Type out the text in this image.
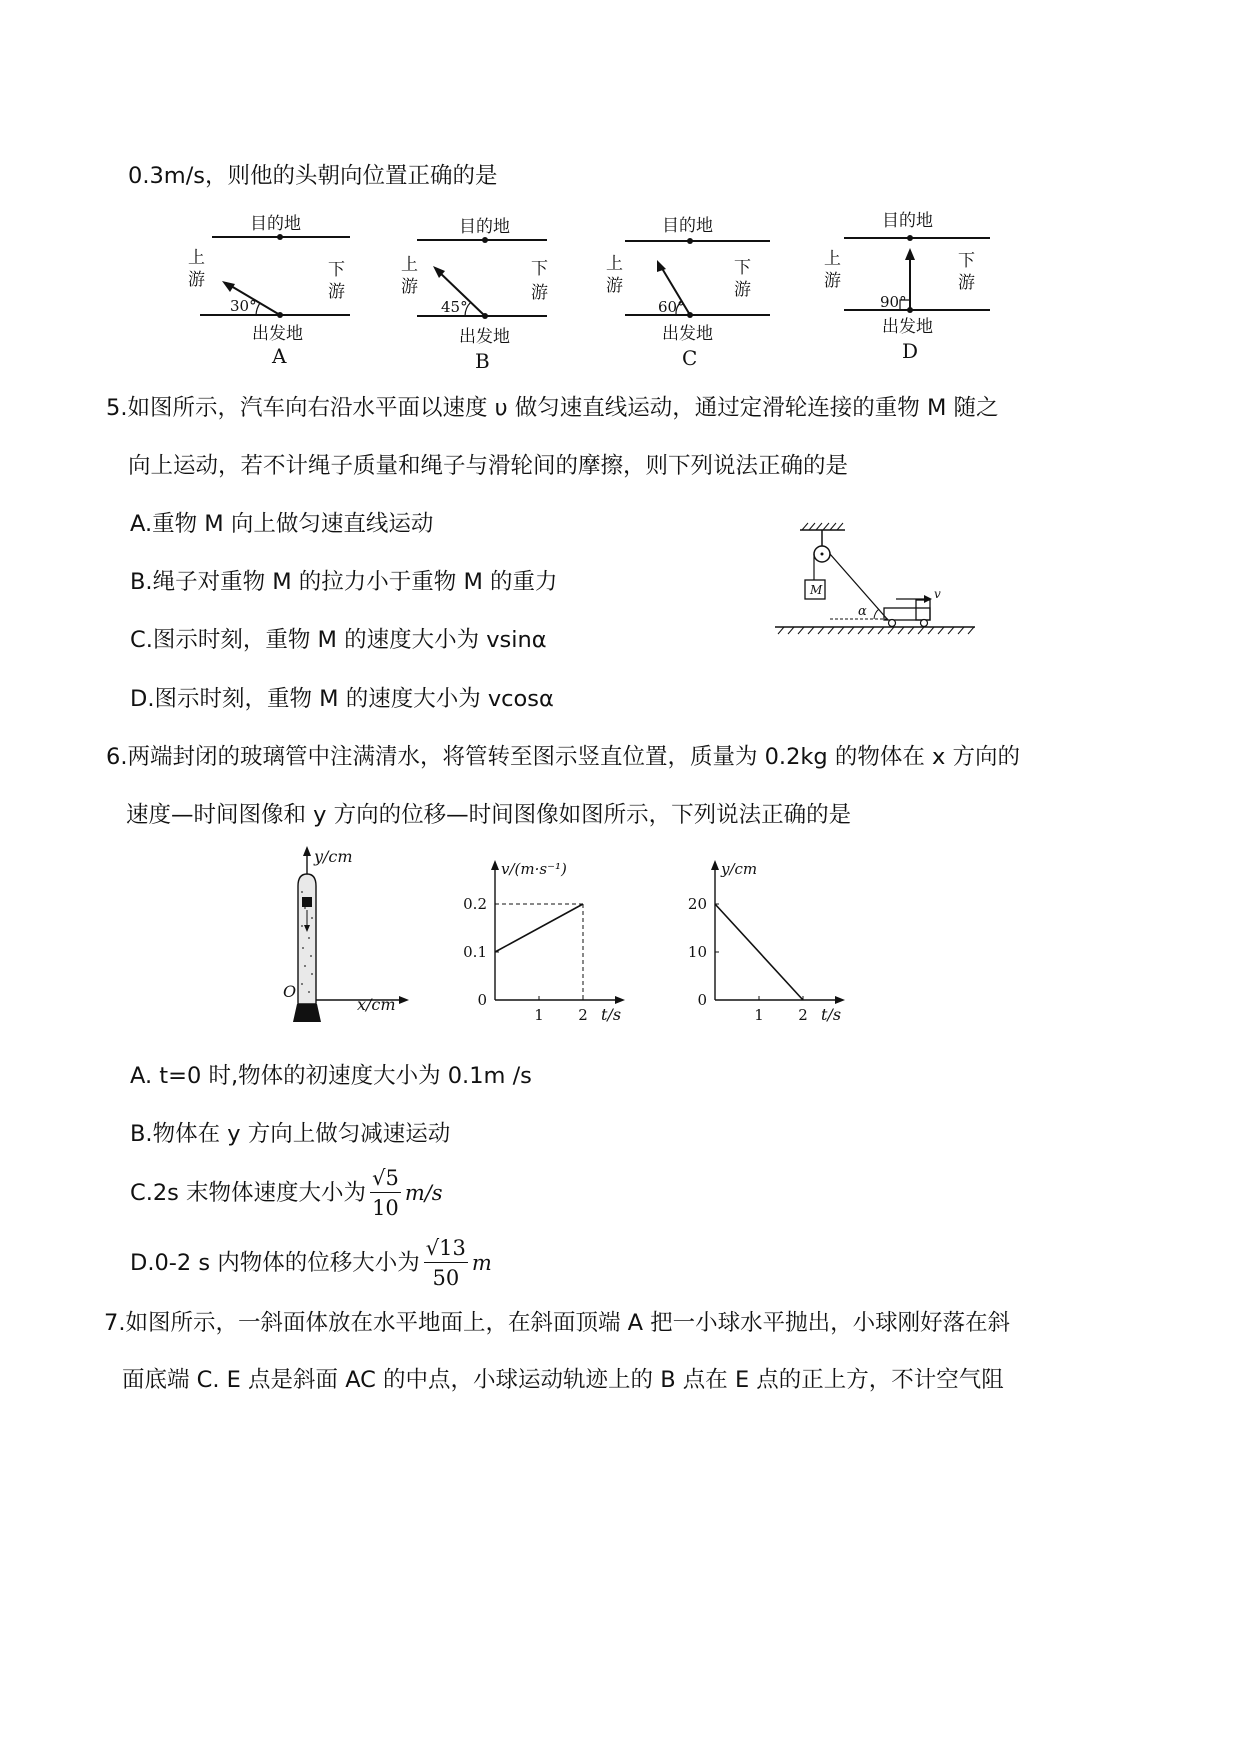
0.3m/s，则他的头朝向位置正确的是
目的地
上
游	下
游
30°
出发地
A
目的地
上
游
下
游
45°
出发地
B
目的地
上
游
下
游
60°
出发地
C
目的地
上
游
下
游
90°
出发地
D
5.如图所示，汽车向右沿水平面以速度 υ 做匀速直线运动，通过定滑轮连接的重物 M 随之
向上运动，若不计绳子质量和绳子与滑轮间的摩擦，则下列说法正确的是
A.重物 M 向上做匀速直线运动
B.绳子对重物 M 的拉力小于重物 M 的重力
C.图示时刻，重物 M 的速度大小为 vsinα
D.图示时刻，重物 M 的速度大小为 vcosα
M
α
v
6.两端封闭的玻璃管中注满清水，将管转至图示竖直位置，质量为 0.2kg 的物体在 x 方向的
速度—时间图像和 y 方向的位移—时间图像如图所示，下列说法正确的是
y/cm
x/cm
O
v/(m·s⁻¹)
t/s
0
0.1
0.2
1 2
y/cm
t/s
0
10
20
1 2
A. t=0 时,物体的初速度大小为 0.1m /s
B.物体在 y 方向上做匀减速运动
C.2s 末物体速度大小为 $\frac{√5}{10} m/s$
D.0-2 s 内物体的位移大小为 $\frac{√13}{50}$ m
7.如图所示，一斜面体放在水平地面上，在斜面顶端 A 把一小球水平抛出，小球刚好落在斜
面底端 C. E 点是斜面 AC 的中点，小球运动轨迹上的 B 点在 E 点的正上方，不计空气阻
